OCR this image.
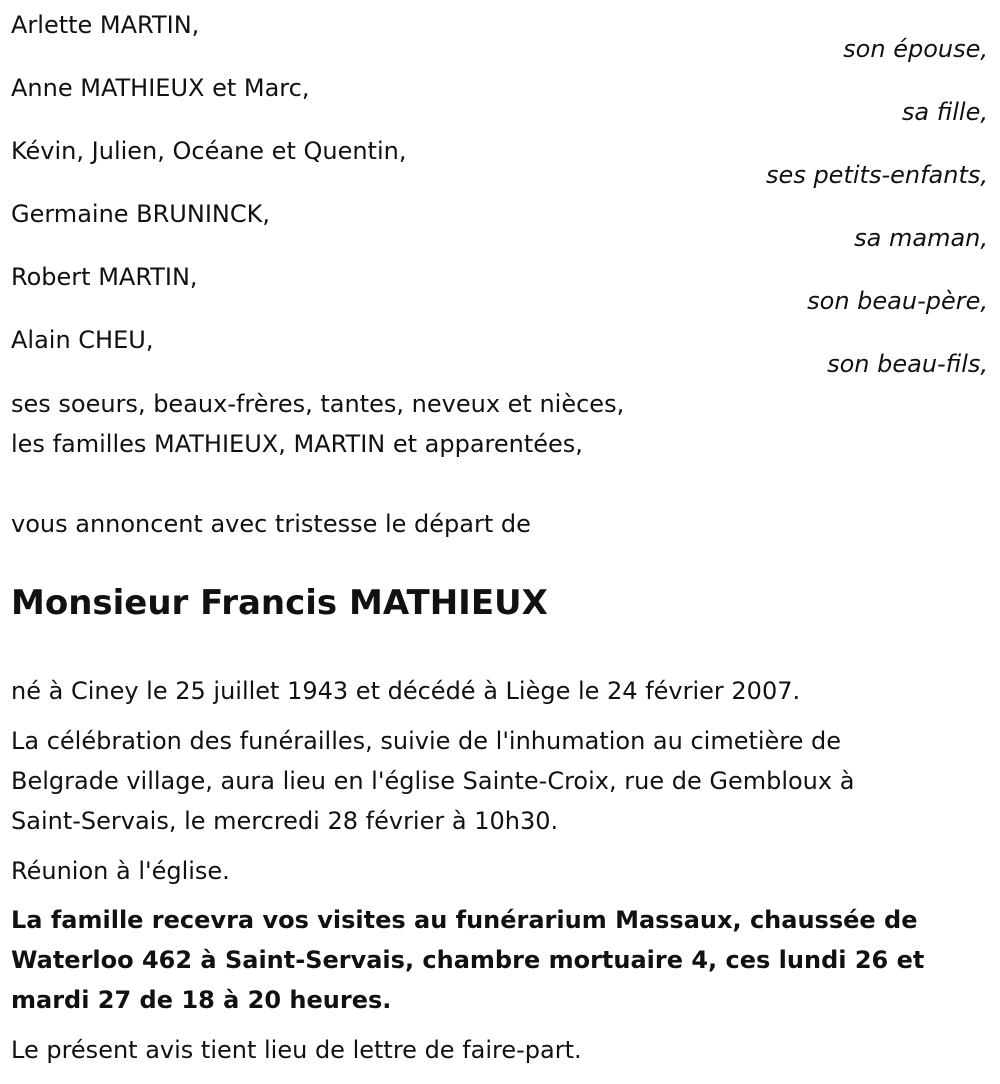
Arlette MARTIN,

son épouse,

Anne MATHIEUX et Marc,

sa fille,

Kévin, Julien, Océane et Quentin,

ses petits-enfants,

Germaine BRUNINCK,

sa maman,

Robert MARTIN,

son beau-père,

Alain CHEU,

son beau-fils,

ses soeurs, beaux-frères, tantes, neveux et nièces,

les familles MATHIEUX, MARTIN et apparentées,

vous annoncent avec tristesse le départ de

Monsieur Francis MATHIEUX

né à Ciney le 25 juillet 1943 et décédé à Liège le 24 février 2007.

La célébration des funérailles, suivie de l'inhumation au cimetière de

Belgrade village, aura lieu en l'église Sainte-Croix, rue de Gembloux à

Saint-Servais, le mercredi 28 février à 10h30.

Réunion à l'église.

La famille recevra vos visites au funérarium Massaux, chaussée de

Waterloo 462 à Saint-Servais, chambre mortuaire 4, ces lundi 26 et

mardi 27 de 18 à 20 heures.

Le présent avis tient lieu de lettre de faire-part.
